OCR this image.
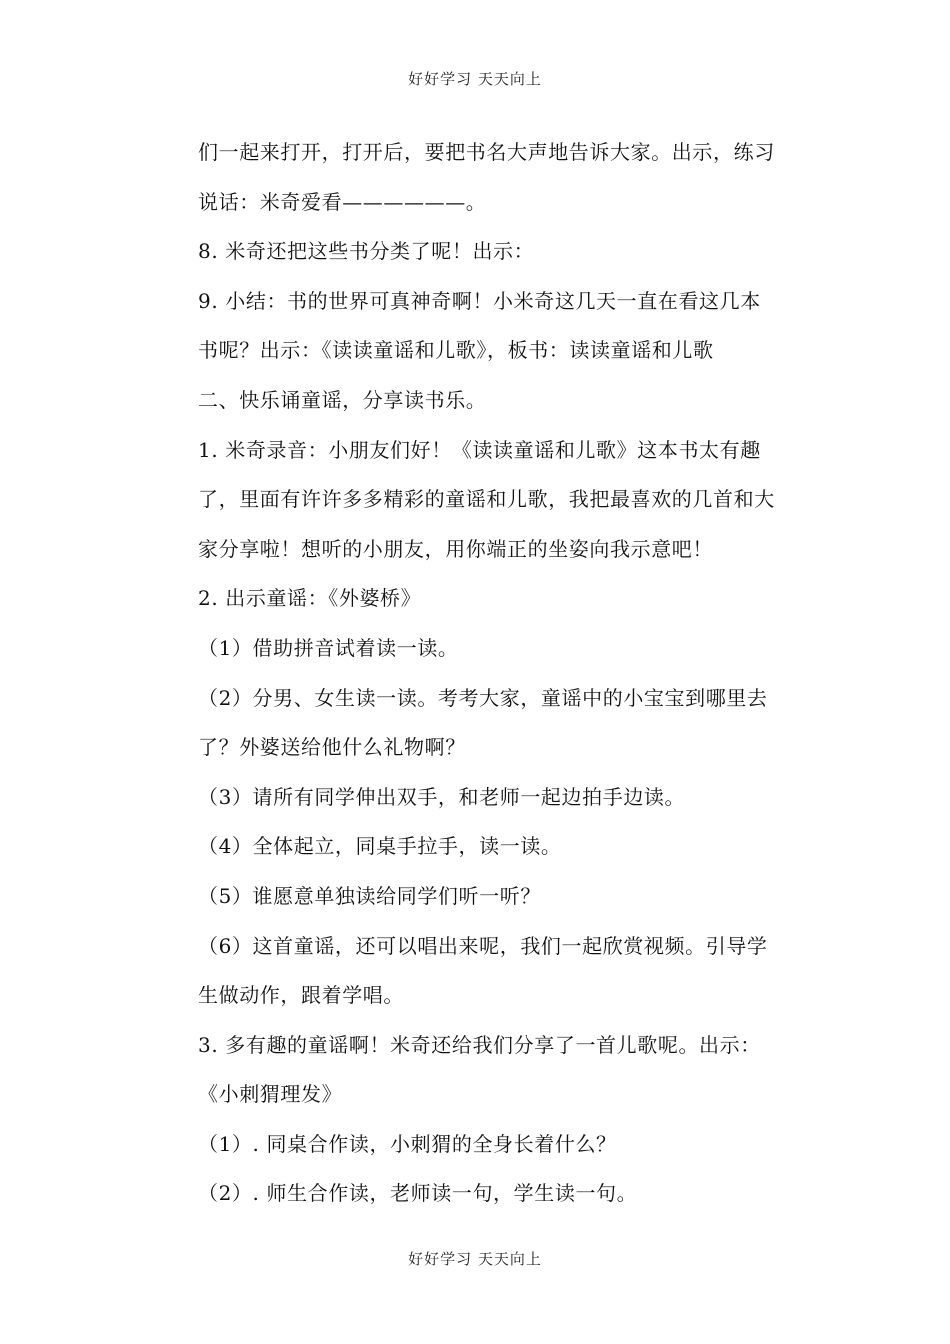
好好学习 天天向上
们一起来打开，打开后，要把书名大声地告诉大家。出示，练习
说话：米奇爱看——————。
8. 米奇还把这些书分类了呢！出示：
9. 小结：书的世界可真神奇啊！小米奇这几天一直在看这几本
书呢？出示：《读读童谣和儿歌》，板书：读读童谣和儿歌
二、快乐诵童谣，分享读书乐。
1. 米奇录音：小朋友们好！《读读童谣和儿歌》这本书太有趣
了，里面有许许多多精彩的童谣和儿歌，我把最喜欢的几首和大
家分享啦！想听的小朋友，用你端正的坐姿向我示意吧！
2. 出示童谣：《外婆桥》
（1）借助拼音试着读一读。
（2）分男、女生读一读。考考大家，童谣中的小宝宝到哪里去
了？外婆送给他什么礼物啊？
（3）请所有同学伸出双手，和老师一起边拍手边读。
（4）全体起立，同桌手拉手，读一读。
（5）谁愿意单独读给同学们听一听？
（6）这首童谣，还可以唱出来呢，我们一起欣赏视频。引导学
生做动作，跟着学唱。
3. 多有趣的童谣啊！米奇还给我们分享了一首儿歌呢。出示：
《小刺猬理发》
（1）. 同桌合作读，小刺猬的全身长着什么？
（2）. 师生合作读，老师读一句，学生读一句。
好好学习 天天向上
